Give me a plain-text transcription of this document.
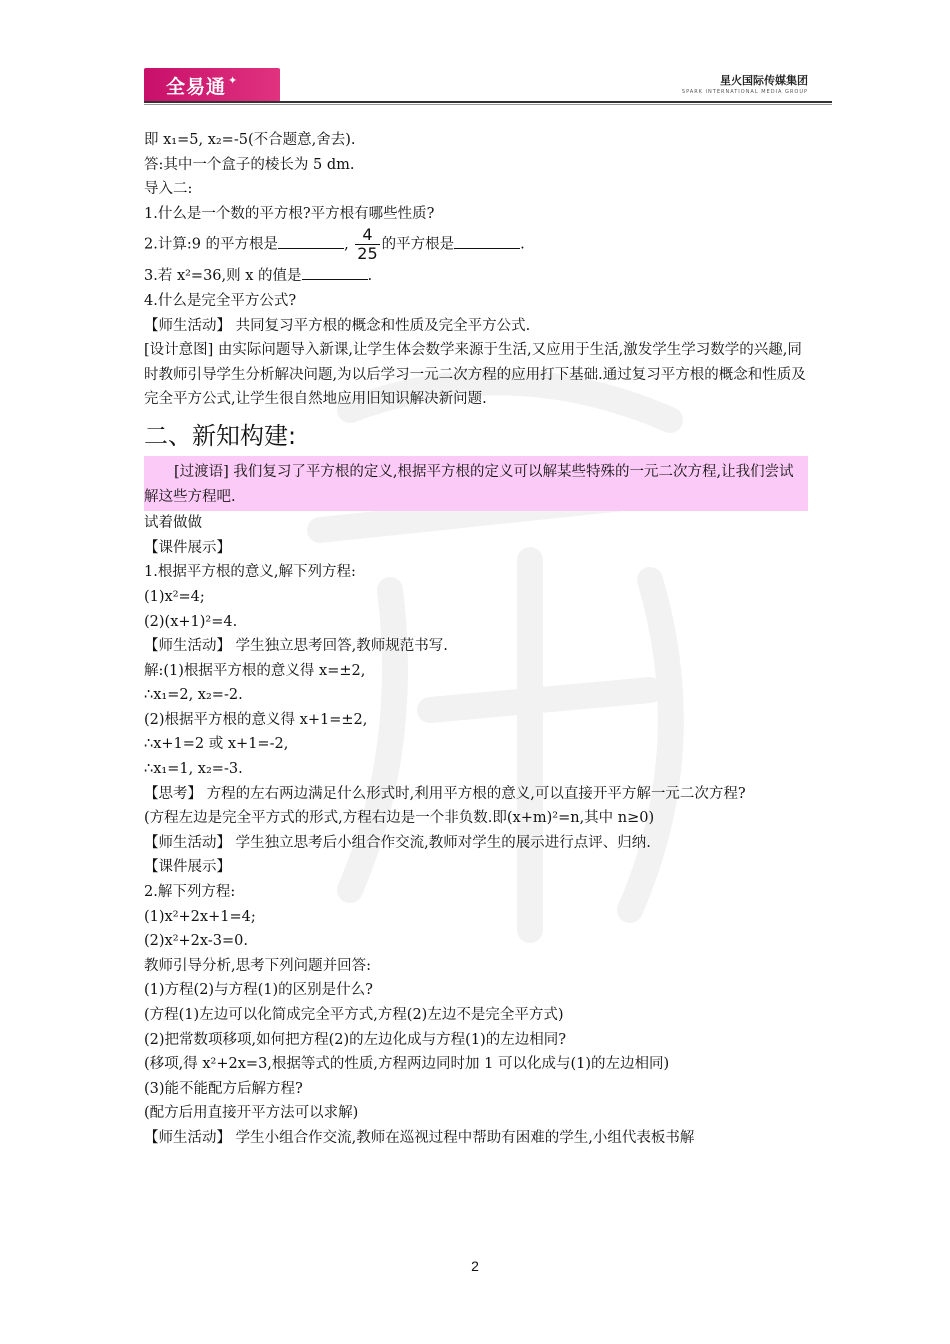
全易通 ✦	星火国际传媒集团
SPARK INTERNATIONAL MEDIA GROUP

即 x₁=5, x₂=-5(不合题意,舍去).

答:其中一个盒子的棱长为 5 dm.

导入二:

1.什么是一个数的平方根?平方根有哪些性质?

2.计算:9 的平方根是	, $\frac{4}{25}$ 的平方根是	.

3.若 x²=36,则 x 的值是	.

4.什么是完全平方公式?

【师生活动】 共同复习平方根的概念和性质及完全平方公式.

[设计意图] 由实际问题导入新课,让学生体会数学来源于生活,又应用于生活,激发学生学习数学的兴趣,同时教师引导学生分析解决问题,为以后学习一元二次方程的应用打下基础.通过复习平方根的概念和性质及完全平方公式,让学生很自然地应用旧知识解决新问题.

二、新知构建:

[过渡语] 我们复习了平方根的定义,根据平方根的定义可以解某些特殊的一元二次方程,让我们尝试解这些方程吧.

试着做做

【课件展示】

1.根据平方根的意义,解下列方程:

(1)x²=4;

(2)(x+1)²=4.

【师生活动】 学生独立思考回答,教师规范书写.

解:(1)根据平方根的意义得 x=±2,

∴x₁=2, x₂=-2.

(2)根据平方根的意义得 x+1=±2,

∴x+1=2 或 x+1=-2,

∴x₁=1, x₂=-3.

【思考】 方程的左右两边满足什么形式时,利用平方根的意义,可以直接开平方解一元二次方程?

(方程左边是完全平方式的形式,方程右边是一个非负数.即(x+m)²=n,其中 n≥0)

【师生活动】 学生独立思考后小组合作交流,教师对学生的展示进行点评、归纳.

【课件展示】

2.解下列方程:

(1)x²+2x+1=4;

(2)x²+2x-3=0.

教师引导分析,思考下列问题并回答:

(1)方程(2)与方程(1)的区别是什么?

(方程(1)左边可以化简成完全平方式,方程(2)左边不是完全平方式)

(2)把常数项移项,如何把方程(2)的左边化成与方程(1)的左边相同?

(移项,得 x²+2x=3,根据等式的性质,方程两边同时加 1 可以化成与(1)的左边相同)

(3)能不能配方后解方程?

(配方后用直接开平方法可以求解)

【师生活动】 学生小组合作交流,教师在巡视过程中帮助有困难的学生,小组代表板书解

2
